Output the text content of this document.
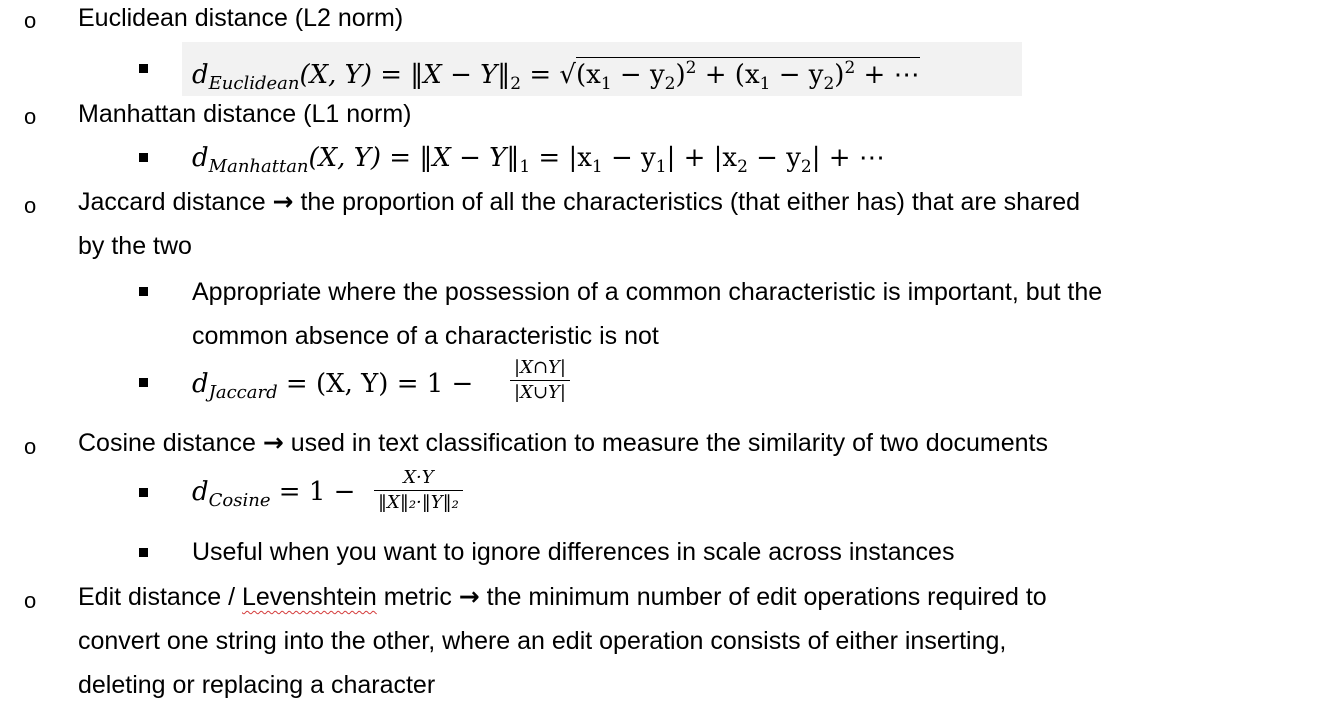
o Euclidean distance (L2 norm)
$d_{Euclidean}(X$, Y) = ‖X − $Y‖_2 = √(x_1 - y_2)^2 + (x_1 - y_2)^2$ + ⋯
o Manhattan distance (L1 norm)
$d_{Manhattan}(X$, Y) = ‖X − $Y‖_1 = |x_1 - y_1| + |x_2 - y_2|$ + ⋯
o Jaccard distance → the proportion of all the characteristics (that either has) that are shared
by the two
Appropriate where the possession of a common characteristic is important, but the
common absence of a characteristic is not
$d_{Jaccard} = (X$, Y) = 1 −
|X∩Y|
|X∪Y|
o Cosine distance → used in text classification to measure the similarity of two documents
$d_{Cosine} = 1$ −	X·Y
‖X‖₂·‖Y‖₂
Useful when you want to ignore differences in scale across instances
o Edit distance / Levenshtein metric → the minimum number of edit operations required to
convert one string into the other, where an edit operation consists of either inserting,
deleting or replacing a character
